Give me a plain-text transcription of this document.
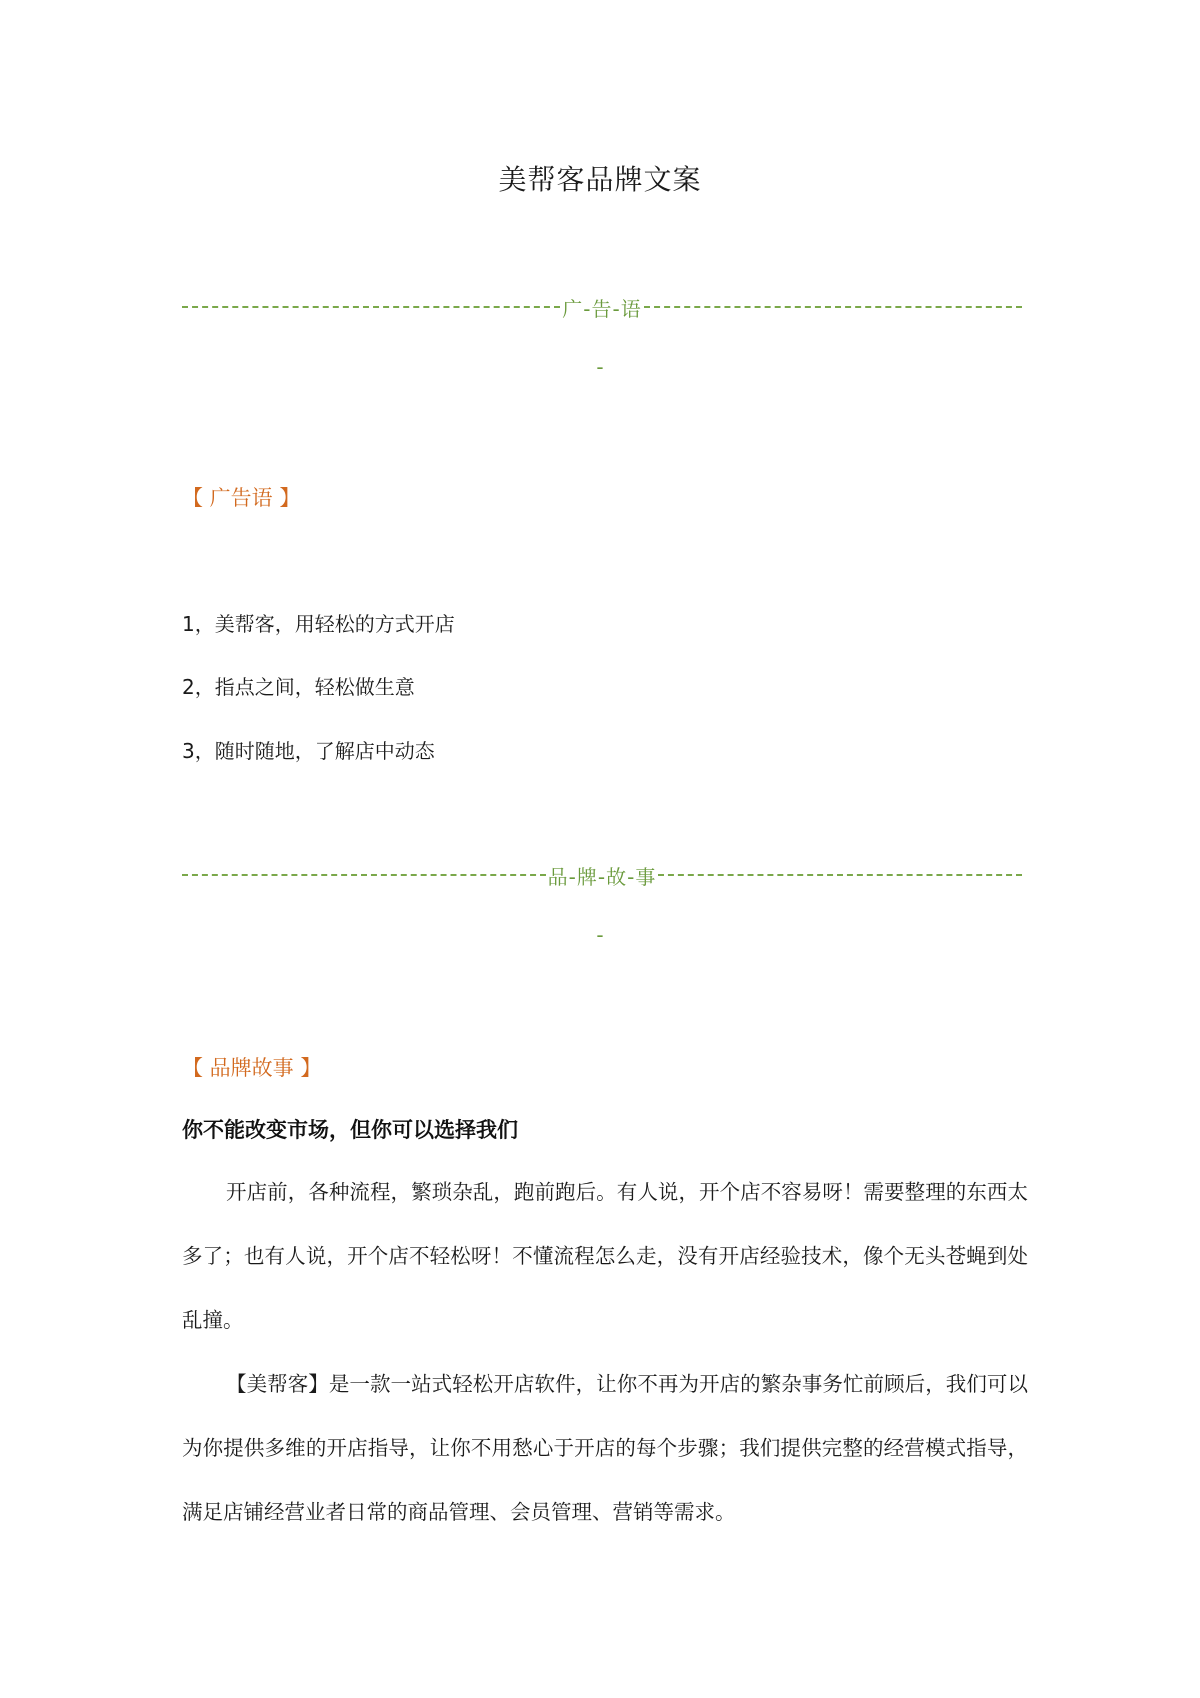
美帮客品牌文案
广-告-语
-
【 广告语 】
1，美帮客，用轻松的方式开店
2，指点之间，轻松做生意
3，随时随地，了解店中动态
品-牌-故-事
-
【 品牌故事 】
你不能改变市场，但你可以选择我们
开店前，各种流程，繁琐杂乱，跑前跑后。有人说，开个店不容易呀！需要整理的东西太多了；也有人说，开个店不轻松呀！不懂流程怎么走，没有开店经验技术，像个无头苍蝇到处乱撞。
【美帮客】是一款一站式轻松开店软件，让你不再为开店的繁杂事务忙前顾后，我们可以为你提供多维的开店指导，让你不用愁心于开店的每个步骤；我们提供完整的经营模式指导，满足店铺经营业者日常的商品管理、会员管理、营销等需求。
